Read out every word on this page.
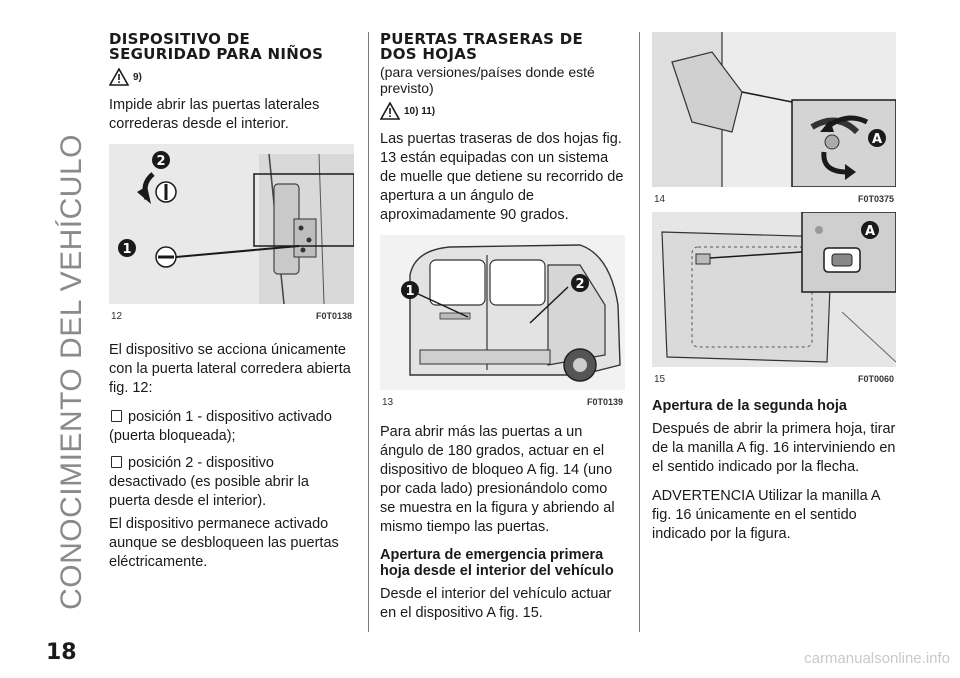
CONOCIMIENTO DEL VEHÍCULO
18
DISPOSITIVO DE
SEGURIDAD PARA NIÑOS
9)

Impide abrir las puertas laterales correderas desde el interior.

2
1
12	F0T0138

El dispositivo se acciona únicamente con la puerta lateral corredera abierta fig. 12:

posición 1 - dispositivo activado (puerta bloqueada);

posición 2 - dispositivo desactivado (es posible abrir la puerta desde el interior).

El dispositivo permanece activado aunque se desbloqueen las puertas eléctricamente.

PUERTAS TRASERAS DE
DOS HOJAS

(para versiones/países donde esté previsto)

10) 11)

Las puertas traseras de dos hojas fig. 13 están equipadas con un sistema de muelle que detiene su recorrido de apertura a un ángulo de aproximadamente 90 grados.

1	2
13	F0T0139

Para abrir más las puertas a un ángulo de 180 grados, actuar en el dispositivo de bloqueo A fig. 14 (uno por cada lado) presionándolo como se muestra en la figura y abriendo al mismo tiempo las puertas.

Apertura de emergencia primera hoja desde el interior del vehículo

Desde el interior del vehículo actuar en el dispositivo A fig. 15.

A
14	F0T0375
A
15	F0T0060
Apertura de la segunda hoja

Después de abrir la primera hoja, tirar de la manilla A fig. 16 interviniendo en el sentido indicado por la flecha.

ADVERTENCIA Utilizar la manilla A fig. 16 únicamente en el sentido indicado por la figura.

carmanualsonline.info
